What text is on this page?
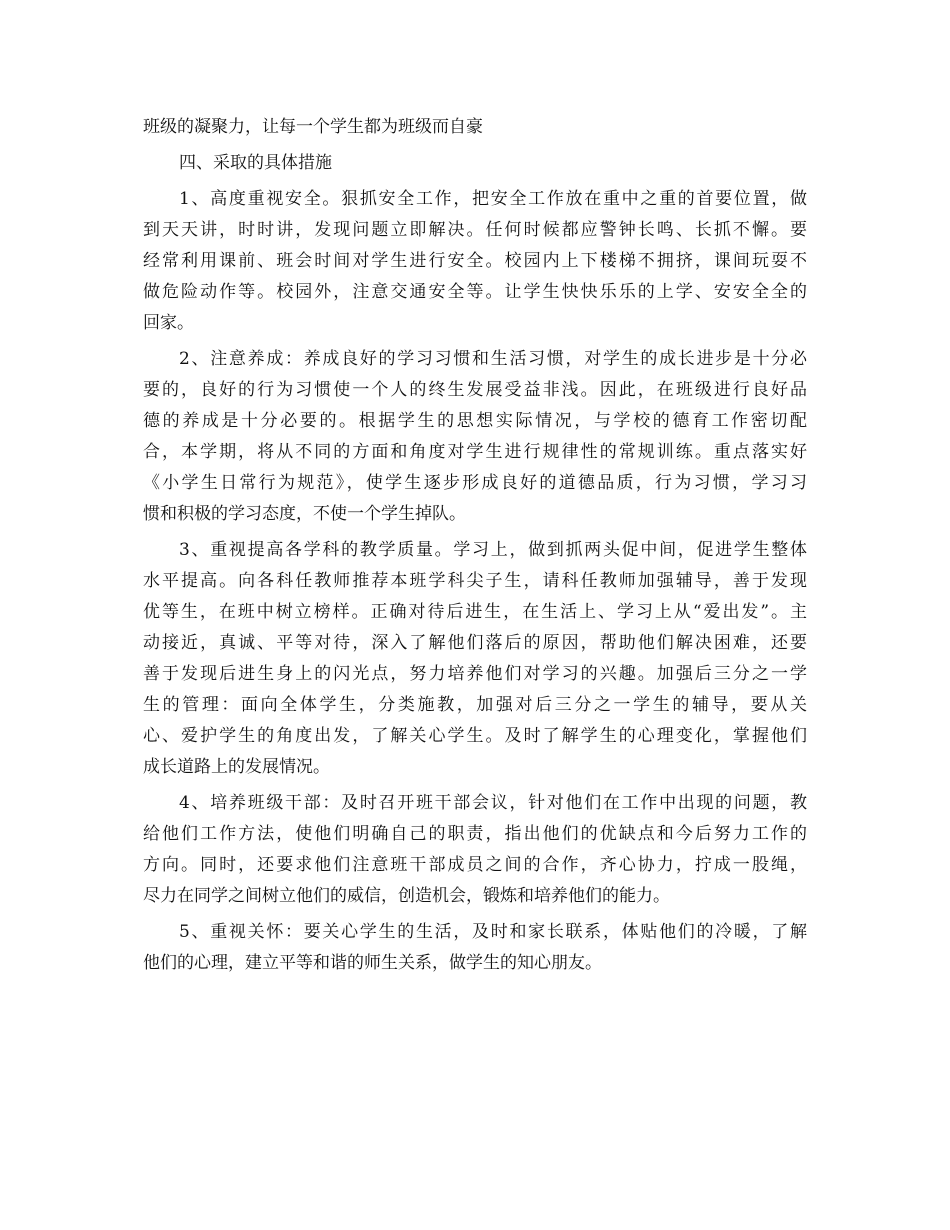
班级的凝聚力，让每一个学生都为班级而自豪
四、采取的具体措施
1、高度重视安全。狠抓安全工作，把安全工作放在重中之重的首要位置，做
到天天讲，时时讲，发现问题立即解决。任何时候都应警钟长鸣、长抓不懈。要
经常利用课前、班会时间对学生进行安全。校园内上下楼梯不拥挤，课间玩耍不
做危险动作等。校园外，注意交通安全等。让学生快快乐乐的上学、安安全全的
回家。
2、注意养成：养成良好的学习习惯和生活习惯，对学生的成长进步是十分必
要的，良好的行为习惯使一个人的终生发展受益非浅。因此，在班级进行良好品
德的养成是十分必要的。根据学生的思想实际情况，与学校的德育工作密切配
合，本学期，将从不同的方面和角度对学生进行规律性的常规训练。重点落实好
《小学生日常行为规范》，使学生逐步形成良好的道德品质，行为习惯，学习习
惯和积极的学习态度，不使一个学生掉队。
3、重视提高各学科的教学质量。学习上，做到抓两头促中间，促进学生整体
水平提高。向各科任教师推荐本班学科尖子生，请科任教师加强辅导，善于发现
优等生，在班中树立榜样。正确对待后进生，在生活上、学习上从“爱出发”。主
动接近，真诚、平等对待，深入了解他们落后的原因，帮助他们解决困难，还要
善于发现后进生身上的闪光点，努力培养他们对学习的兴趣。加强后三分之一学
生的管理：面向全体学生，分类施教，加强对后三分之一学生的辅导，要从关
心、爱护学生的角度出发，了解关心学生。及时了解学生的心理变化，掌握他们
成长道路上的发展情况。
4、培养班级干部：及时召开班干部会议，针对他们在工作中出现的问题，教
给他们工作方法，使他们明确自己的职责，指出他们的优缺点和今后努力工作的
方向。同时，还要求他们注意班干部成员之间的合作，齐心协力，拧成一股绳，
尽力在同学之间树立他们的威信，创造机会，锻炼和培养他们的能力。
5、重视关怀：要关心学生的生活，及时和家长联系，体贴他们的冷暖，了解
他们的心理，建立平等和谐的师生关系，做学生的知心朋友。
